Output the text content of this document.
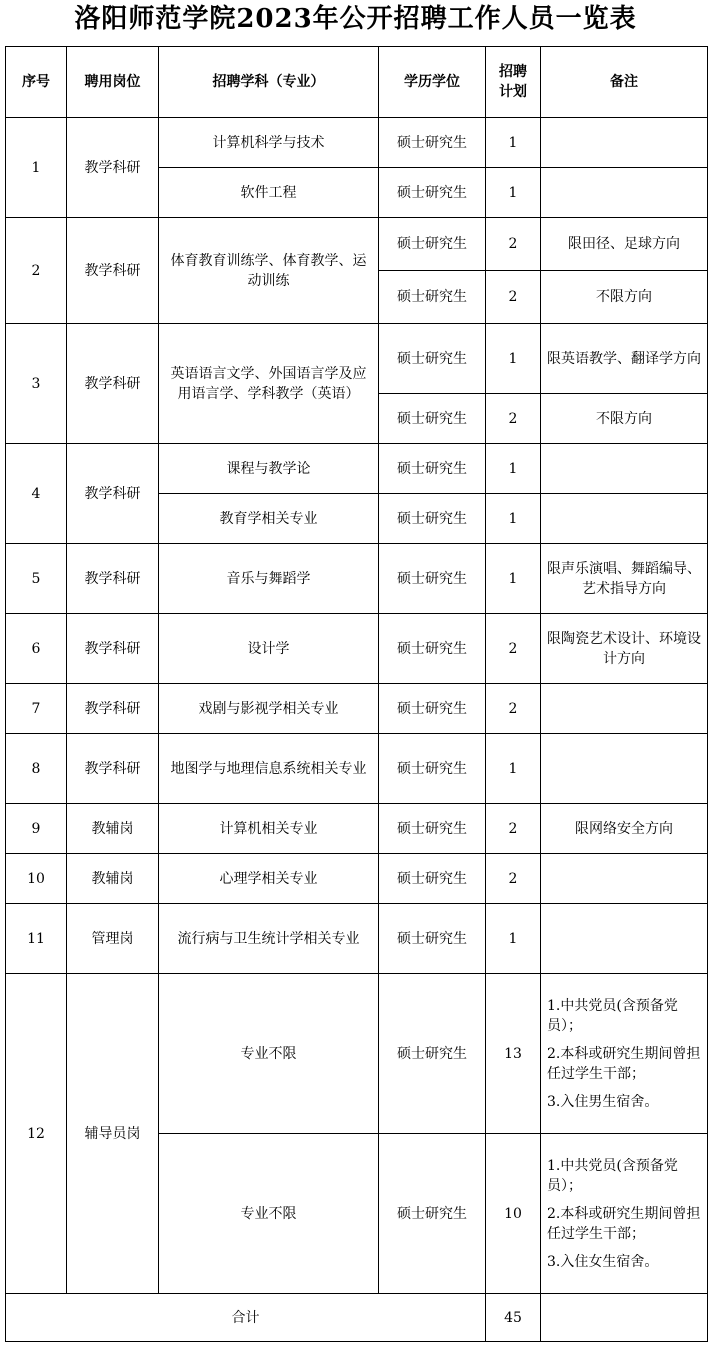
洛阳师范学院2023年公开招聘工作人员一览表
序号	聘用岗位	招聘学科（专业）	学历学位	招聘
计划	备注
1	教学科研	计算机科学与技术	硕士研究生	1	
		软件工程	硕士研究生	1	
2	教学科研	体育教育训练学、体育教学、运动训练	硕士研究生	2	限田径、足球方向
			硕士研究生	2	不限方向
3	教学科研	英语语言文学、外国语言学及应用语言学、学科教学（英语）	硕士研究生	1	限英语教学、翻译学方向
			硕士研究生	2	不限方向
4	教学科研	课程与教学论	硕士研究生	1	
		教育学相关专业	硕士研究生	1	
5	教学科研	音乐与舞蹈学	硕士研究生	1	限声乐演唱、舞蹈编导、艺术指导方向
6	教学科研	设计学	硕士研究生	2	限陶瓷艺术设计、环境设计方向
7	教学科研	戏剧与影视学相关专业	硕士研究生	2	
8	教学科研	地图学与地理信息系统相关专业	硕士研究生	1	
9	教辅岗	计算机相关专业	硕士研究生	2	限网络安全方向
10	教辅岗	心理学相关专业	硕士研究生	2	
11	管理岗	流行病与卫生统计学相关专业	硕士研究生	1	
12	辅导员岗	专业不限	硕士研究生	13	1.中共党员(含预备党员）；

2.本科或研究生期间曾担任过学生干部；

3.入住男生宿舍。

		专业不限	硕士研究生	10	1.中共党员(含预备党员）；

2.本科或研究生期间曾担任过学生干部；

3.入住女生宿舍。

合计				45	
